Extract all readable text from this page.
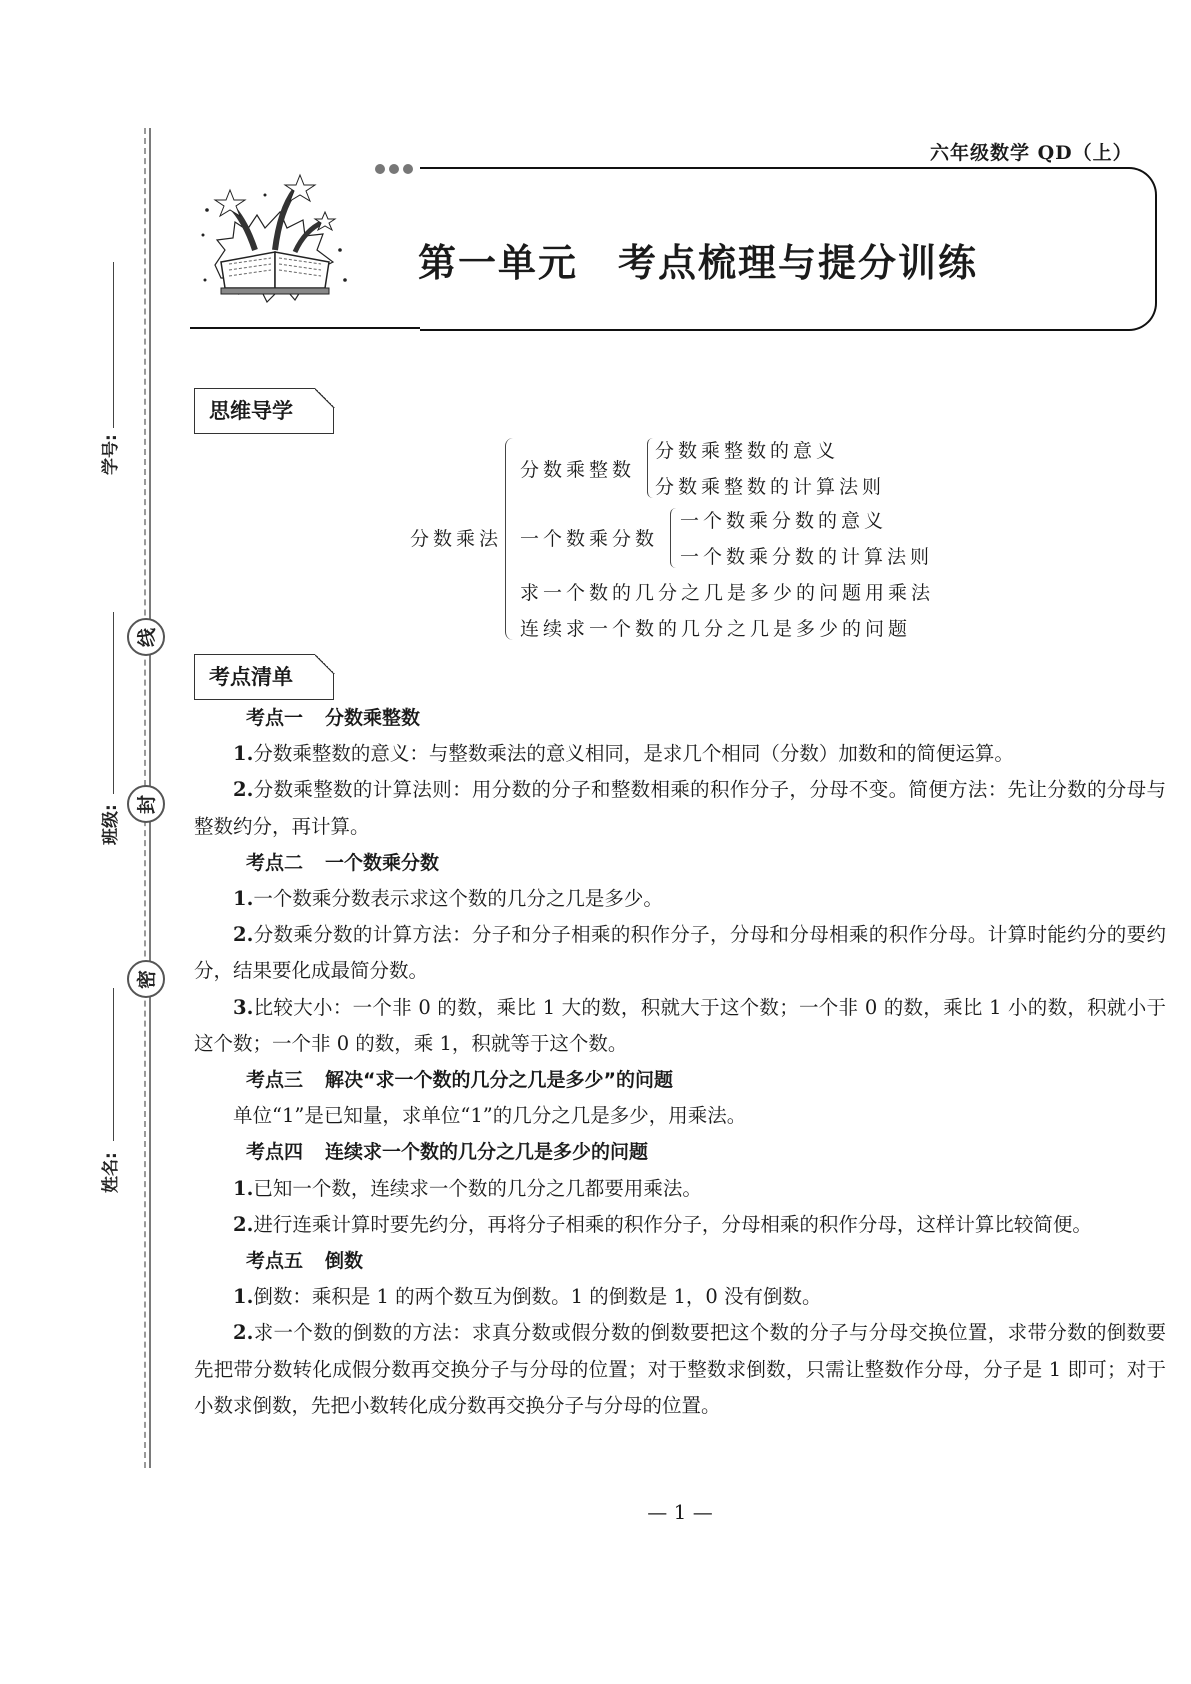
学号:
班级:
姓名:
线
封
密
六年级数学 QD（上）
第一单元　考点梳理与提分训练
思维导学
分数乘法
分数乘整数
分数乘整数的意义
分数乘整数的计算法则
一个数乘分数
一个数乘分数的意义
一个数乘分数的计算法则
求一个数的几分之几是多少的问题用乘法
连续求一个数的几分之几是多少的问题
考点清单
考点一 分数乘整数

1.分数乘整数的意义：与整数乘法的意义相同，是求几个相同（分数）加数和的简便运算。

2.分数乘整数的计算法则：用分数的分子和整数相乘的积作分子，分母不变。简便方法：先让分数的分母与整数约分，再计算。

考点二 一个数乘分数

1.一个数乘分数表示求这个数的几分之几是多少。

2.分数乘分数的计算方法：分子和分子相乘的积作分子，分母和分母相乘的积作分母。计算时能约分的要约分，结果要化成最简分数。

3.比较大小：一个非 0 的数，乘比 1 大的数，积就大于这个数；一个非 0 的数，乘比 1 小的数，积就小于这个数；一个非 0 的数，乘 1，积就等于这个数。

考点三 解决“求一个数的几分之几是多少”的问题

单位“1”是已知量，求单位“1”的几分之几是多少，用乘法。

考点四 连续求一个数的几分之几是多少的问题

1.已知一个数，连续求一个数的几分之几都要用乘法。

2.进行连乘计算时要先约分，再将分子相乘的积作分子，分母相乘的积作分母，这样计算比较简便。

考点五 倒数

1.倒数：乘积是 1 的两个数互为倒数。1 的倒数是 1，0 没有倒数。

2.求一个数的倒数的方法：求真分数或假分数的倒数要把这个数的分子与分母交换位置，求带分数的倒数要先把带分数转化成假分数再交换分子与分母的位置；对于整数求倒数，只需让整数作分母，分子是 1 即可；对于小数求倒数，先把小数转化成分数再交换分子与分母的位置。

— 1 —
